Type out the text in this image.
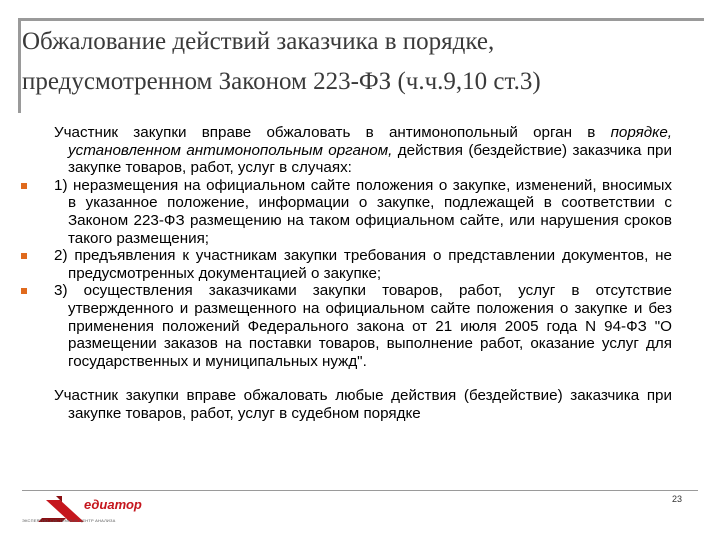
Обжалование действий заказчика в порядке,
предусмотренном Законом 223-ФЗ (ч.ч.9,10 ст.3)

Участник закупки вправе обжаловать в антимонопольный орган в порядке, установленном антимонопольным органом, действия (бездействие) заказчика при закупке товаров, работ, услуг в случаях:

1) неразмещения на официальном сайте положения о закупке, изменений, вносимых в указанное положение, информации о закупке, подлежащей в соответствии с Законом 223-ФЗ размещению на таком официальном сайте, или нарушения сроков такого размещения;

2) предъявления к участникам закупки требования о представлении документов, не предусмотренных документацией о закупке;

3) осуществления заказчиками закупки товаров, работ, услуг в отсутствие утвержденного и размещенного на официальном сайте положения о закупке и без применения положений Федерального закона от 21 июля 2005 года N 94-ФЗ "О размещении заказов на поставки товаров, выполнение работ, оказание услуг для государственных и муниципальных нужд".

Участник закупки вправе обжаловать любые действия (бездействие) заказчика при закупке товаров, работ, услуг в судебном порядке

23
едиатор
ЭКСПЕРТНО-СИСТЕМНЫЙ ЦЕНТР АНАЛИЗА
